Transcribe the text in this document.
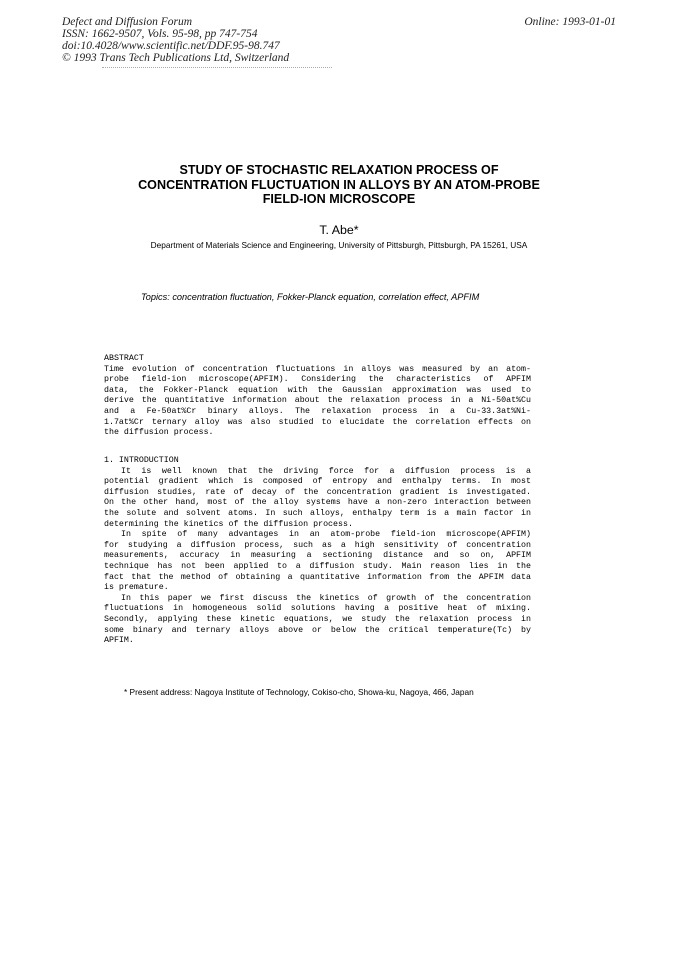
Defect and Diffusion Forum
ISSN: 1662-9507, Vols. 95-98, pp 747-754
doi:10.4028/www.scientific.net/DDF.95-98.747
© 1993 Trans Tech Publications Ltd, Switzerland
Online: 1993-01-01
STUDY OF STOCHASTIC RELAXATION PROCESS OF
CONCENTRATION FLUCTUATION IN ALLOYS BY AN ATOM-PROBE
FIELD-ION MICROSCOPE
T. Abe*
Department of Materials Science and Engineering, University of Pittsburgh, Pittsburgh, PA 15261, USA
Topics: concentration fluctuation, Fokker-Planck equation, correlation effect, APFIM
ABSTRACT
Time evolution of concentration fluctuations in alloys was measured by an atom-
probe field-ion microscope(APFIM). Considering the characteristics of APFIM
data, the Fokker-Planck equation with the Gaussian approximation was used to
derive the quantitative information about the relaxation process in a Ni-50at%Cu
and a Fe-50at%Cr binary alloys. The relaxation process in a Cu-33.3at%Ni-
1.7at%Cr ternary alloy was also studied to elucidate the correlation effects on
the diffusion process.
1. INTRODUCTION
It is well known that the driving force for a diffusion process is a
potential gradient which is composed of entropy and enthalpy terms. In most
diffusion studies, rate of decay of the concentration gradient is investigated.
On the other hand, most of the alloy systems have a non-zero interaction between
the solute and solvent atoms. In such alloys, enthalpy term is a main factor in
determining the kinetics of the diffusion process.
In spite of many advantages in an atom-probe field-ion microscope(APFIM)
for studying a diffusion process, such as a high sensitivity of concentration
measurements, accuracy in measuring a sectioning distance and so on, APFIM
technique has not been applied to a diffusion study. Main reason lies in the
fact that the method of obtaining a quantitative information from the APFIM data
is premature.
In this paper we first discuss the kinetics of growth of the concentration
fluctuations in homogeneous solid solutions having a positive heat of mixing.
Secondly, applying these kinetic equations, we study the relaxation process in
some binary and ternary alloys above or below the critical temperature(Tc) by
APFIM.
* Present address: Nagoya Institute of Technology, Cokiso-cho, Showa-ku, Nagoya, 466, Japan
